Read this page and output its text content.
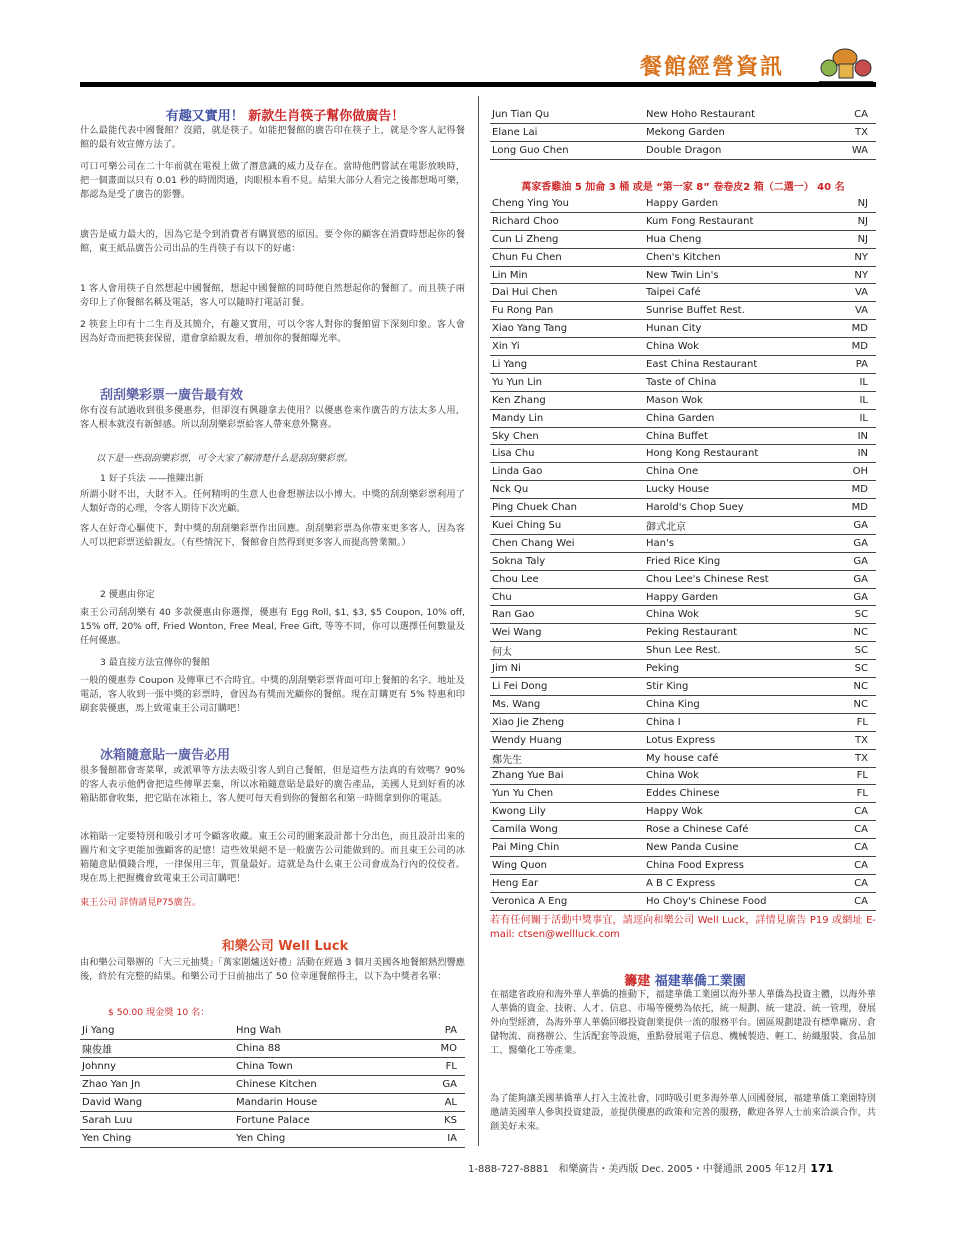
餐館經營資訊
有趣又實用！ 新款生肖筷子幫你做廣告！

什么最能代表中國餐館？沒錯，就是筷子。如能把餐館的廣告印在筷子上，就是令客人記得餐館的最有效宣傳方法了。

可口可樂公司在二十年前就在電視上做了潛意識的威力及存在。當時他們嘗試在電影放映時，把一個畫面以只有 0.01 秒的時間閃過，肉眼根本看不見。結果大部分人看完之後都想喝可樂，都認為是受了廣告的影響。

廣告是威力最大的，因為它是令到消費者有購買慾的原因。要令你的顧客在消費時想起你的餐館，東王紙品廣告公司出品的生肖筷子有以下的好處：

1 客人會用筷子自然想起中國餐館，想起中國餐館的同時便自然想起你的餐館了。而且筷子兩旁印上了你餐館名稱及電話，客人可以隨時打電話訂餐。

2 筷套上印有十二生肖及其簡介，有趣又實用，可以令客人對你的餐館留下深刻印象。客人會因為好奇而把筷套保留，還會拿給親友看，增加你的餐館曝光率。

刮刮樂彩票一廣告最有效

你有沒有試過收到很多優惠券，但卻沒有興趣拿去使用？以優惠卷來作廣告的方法太多人用，客人根本就沒有新鮮感。所以刮刮樂彩票給客人帶來意外驚喜。

以下是一些刮刮樂彩票，可令大家了解清楚什么是刮刮樂彩票。

1 好子兵法 ——推陳出新

所謂小財不出，大財不入。任何精明的生意人也會想辦法以小博大。中獎的刮刮樂彩票利用了人類好奇的心理，令客人期待下次光顧。

客人在好奇心驅使下，對中獎的刮刮樂彩票作出回應。刮刮樂彩票為你帶來更多客人，因為客人可以把彩票送給親友。（有些情況下，餐館會自然得到更多客人而提高營業額。）

2 優惠由你定

東王公司刮刮樂有 40 多款優惠由你選擇，優惠有 Egg Roll, $1, $3, $5 Coupon, 10% off, 15% off, 20% off, Fried Wonton, Free Meal, Free Gift, 等等不同，你可以選擇任何數量及任何優惠。

3 最直接方法宣傳你的餐館

一般的優惠券 Coupon 及傳單已不合時宜。中獎的刮刮樂彩票背面可印上餐館的名字、地址及電話，客人收到一張中獎的彩票時，會因為有獎而光顧你的餐館。現在訂購更有 5% 特惠和印刷套裝優惠，馬上致電東王公司訂購吧！

冰箱隨意貼一廣告必用

很多餐館都會寄菜單，或派單等方法去吸引客人到自己餐館，但是這些方法真的有效嗎？90% 的客人表示他們會把這些傳單丟棄，所以冰箱隨意貼是最好的廣告產品，美國人見到好看的冰箱貼都會收集，把它貼在冰箱上，客人便可每天看到你的餐館名和第一時間拿到你的電話。

冰箱貼一定要特別和吸引才可令顧客收藏。東王公司的圖案設計都十分出色，而且設計出來的圖片和文字更能加強顧客的記憶！這些效果絕不是一般廣告公司能做到的。而且東王公司的冰箱隨意貼價錢合理，一律保用三年，質量最好。這就是為什么東王公司會成為行內的佼佼者。現在馬上把握機會致電東王公司訂購吧！

東王公司 詳情請見P75廣告。

和樂公司 Well Luck

由和樂公司舉辦的「大三元抽獎」「萬家圍爐送好禮」活動在經過 3 個月美國各地餐館熱烈響應後，終於有完整的結果。和樂公司于日前抽出了 50 位幸運餐館得主，以下為中獎者名單：

$ 50.00 現金獎 10 名：

Ji Yang	Hng Wah	PA
陳俊雄	China 88	MO
Johnny	China Town	FL
Zhao Yan Jn	Chinese Kitchen	GA
David Wang	Mandarin House	AL
Sarah Luu	Fortune Palace	KS
Yen Ching	Yen Ching	IA
Jun Tian Qu	New Hoho Restaurant	CA
Elane Lai	Mekong Garden	TX
Long Guo Chen	Double Dragon	WA
萬家香雞油 5 加侖 3 桶 或是 “第一家 8” 卷卷皮2 箱（二選一） 40 名
Cheng Ying You	Happy Garden	NJ
Richard Choo	Kum Fong Restaurant	NJ
Cun Li Zheng	Hua Cheng	NJ
Chun Fu Chen	Chen's Kitchen	NY
Lin Min	New Twin Lin's	NY
Dai Hui Chen	Taipei Café	VA
Fu Rong Pan	Sunrise Buffet Rest.	VA
Xiao Yang Tang	Hunan City	MD
Xin Yi	China Wok	MD
Li Yang	East China Restaurant	PA
Yu Yun Lin	Taste of China	IL
Ken Zhang	Mason Wok	IL
Mandy Lin	China Garden	IL
Sky Chen	China Buffet	IN
Lisa Chu	Hong Kong Restaurant	IN
Linda Gao	China One	OH
Nck Qu	Lucky House	MD
Ping Chuek Chan	Harold's Chop Suey	MD
Kuei Ching Su	御式北京	GA
Chen Chang Wei	Han's	GA
Sokna Taly	Fried Rice King	GA
Chou Lee	Chou Lee's Chinese Rest	GA
Chu	Happy Garden	GA
Ran Gao	China Wok	SC
Wei Wang	Peking Restaurant	NC
何太	Shun Lee Rest.	SC
Jim Ni	Peking	SC
Li Fei Dong	Stir King	NC
Ms. Wang	China King	NC
Xiao Jie Zheng	China I	FL
Wendy Huang	Lotus Express	TX
鄭先生	My house café	TX
Zhang Yue Bai	China Wok	FL
Yun Yu Chen	Eddes Chinese	FL
Kwong Lily	Happy Wok	CA
Camila Wong	Rose a Chinese Café	CA
Pai Ming Chin	New Panda Cusine	CA
Wing Quon	China Food Express	CA
Heng Ear	A B C Express	CA
Veronica A Eng	Ho Choy's Chinese Food	CA

若有任何關于活動中獎事宜，請逕向和樂公司 Well Luck，詳情見廣告 P19 或網址 E-mail: ctsen@wellluck.com

籌建 福建華僑工業園

在福建省政府和海外華人華僑的推動下，福建華僑工業園以海外華人華僑為投資主體，以海外華人華僑的資金、技術、人才、信息、市場等優勢為依托，統一規劃、統一建設、統一管理，發展外向型經濟，為海外華人華僑回鄉投資創業提供一流的服務平台。園區規劃建設有標準廠房、倉儲物流、商務辦公、生活配套等設施，重點發展電子信息、機械製造、輕工、紡織服裝、食品加工、醫藥化工等產業。

為了能夠讓美國華僑華人打入主流社會，同時吸引更多海外華人回國發展，福建華僑工業園特別邀請美國華人參與投資建設，並提供優惠的政策和完善的服務，歡迎各界人士前來洽談合作，共創美好未來。

1-888-727-8881 和樂廣告・美西版 Dec. 2005・中餐通訊 2005 年12月 171
